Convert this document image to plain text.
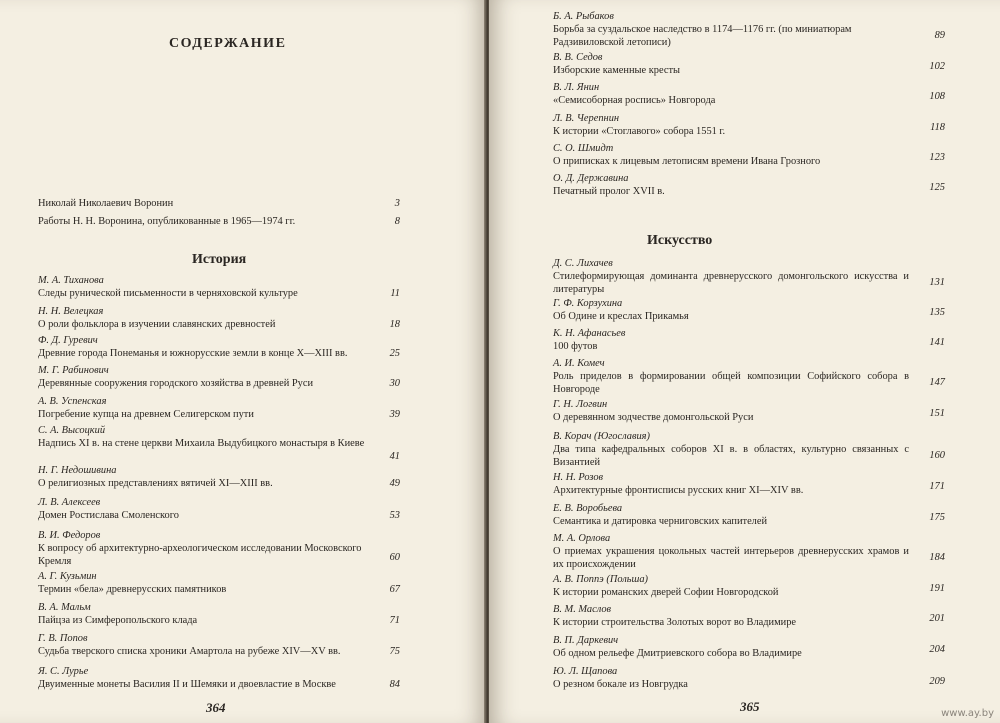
СОДЕРЖАНИЕ
Николай Николаевич Воронин	3
Работы Н. Н. Воронина, опубликованные в 1965—1974 гг.	8
История
М. А. Тиханова
Следы рунической письменности в черняховской культуре	11
Н. Н. Велецкая
О роли фольклора в изучении славянских древностей	18
Ф. Д. Гуревич
Древние города Понеманья и южнорусские земли в конце X—XIII вв.	25
М. Г. Рабинович
Деревянные сооружения городского хозяйства в древней Руси	30
А. В. Успенская
Погребение купца на древнем Селигерском пути	39
С. А. Высоцкий
Надпись XI в. на стене церкви Михаила Выдубицкого монастыря в Киеве
41
Н. Г. Недошивина
О религиозных представлениях вятичей XI—XIII вв.	49
Л. В. Алексеев
Домен Ростислава Смоленского	53
В. И. Федоров
К вопросу об архитектурно-археологическом исследовании Московского Кремля	60
А. Г. Кузьмин
Термин «бела» древнерусских памятников	67
В. А. Мальм
Пайцза из Симферопольского клада	71
Г. В. Попов
Судьба тверского списка хроники Амартола на рубеже XIV—XV вв.	75
Я. С. Лурье
Двуименные монеты Василия II и Шемяки и двоевластие в Москве	84
364
Б. А. Рыбаков
Борьба за суздальское наследство в 1174—1176 гг. (по миниатюрам Радзивиловской летописи)
89
В. В. Седов
Изборские каменные кресты	102
В. Л. Янин
«Семисоборная роспись» Новгорода	108
Л. В. Черепнин
К истории «Стоглавого» собора 1551 г.	118
С. О. Шмидт
О приписках к лицевым летописям времени Ивана Грозного	123
О. Д. Державина
Печатный пролог XVII в.	125
Искусство
Д. С. Лихачев
Стилеформирующая доминанта древнерусского домонгольского искусства и литературы
131
Г. Ф. Корзухина
Об Одине и креслах Прикамья	135
К. Н. Афанасьев
100 футов	141
А. И. Комеч
Роль приделов в формировании общей композиции Софийского собора в Новгороде
147
Г. Н. Логвин
О деревянном зодчестве домонгольской Руси	151
В. Корач (Югославия)
Два типа кафедральных соборов XI в. в областях, культурно связанных с Византией
160
Н. Н. Розов
Архитектурные фронтисписы русских книг XI—XIV вв.	171
Е. В. Воробьева
Семантика и датировка черниговских капителей	175
М. А. Орлова
О приемах украшения цокольных частей интерьеров древнерусских храмов и их происхождении
184
А. В. Поппэ (Польша)
К истории романских дверей Софии Новгородской	191
В. М. Маслов
К истории строительства Золотых ворот во Владимире	201
В. П. Даркевич
Об одном рельефе Дмитриевского собора во Владимире	204
Ю. Л. Щапова
О резном бокале из Новгрудка	209
365	www.ay.by
